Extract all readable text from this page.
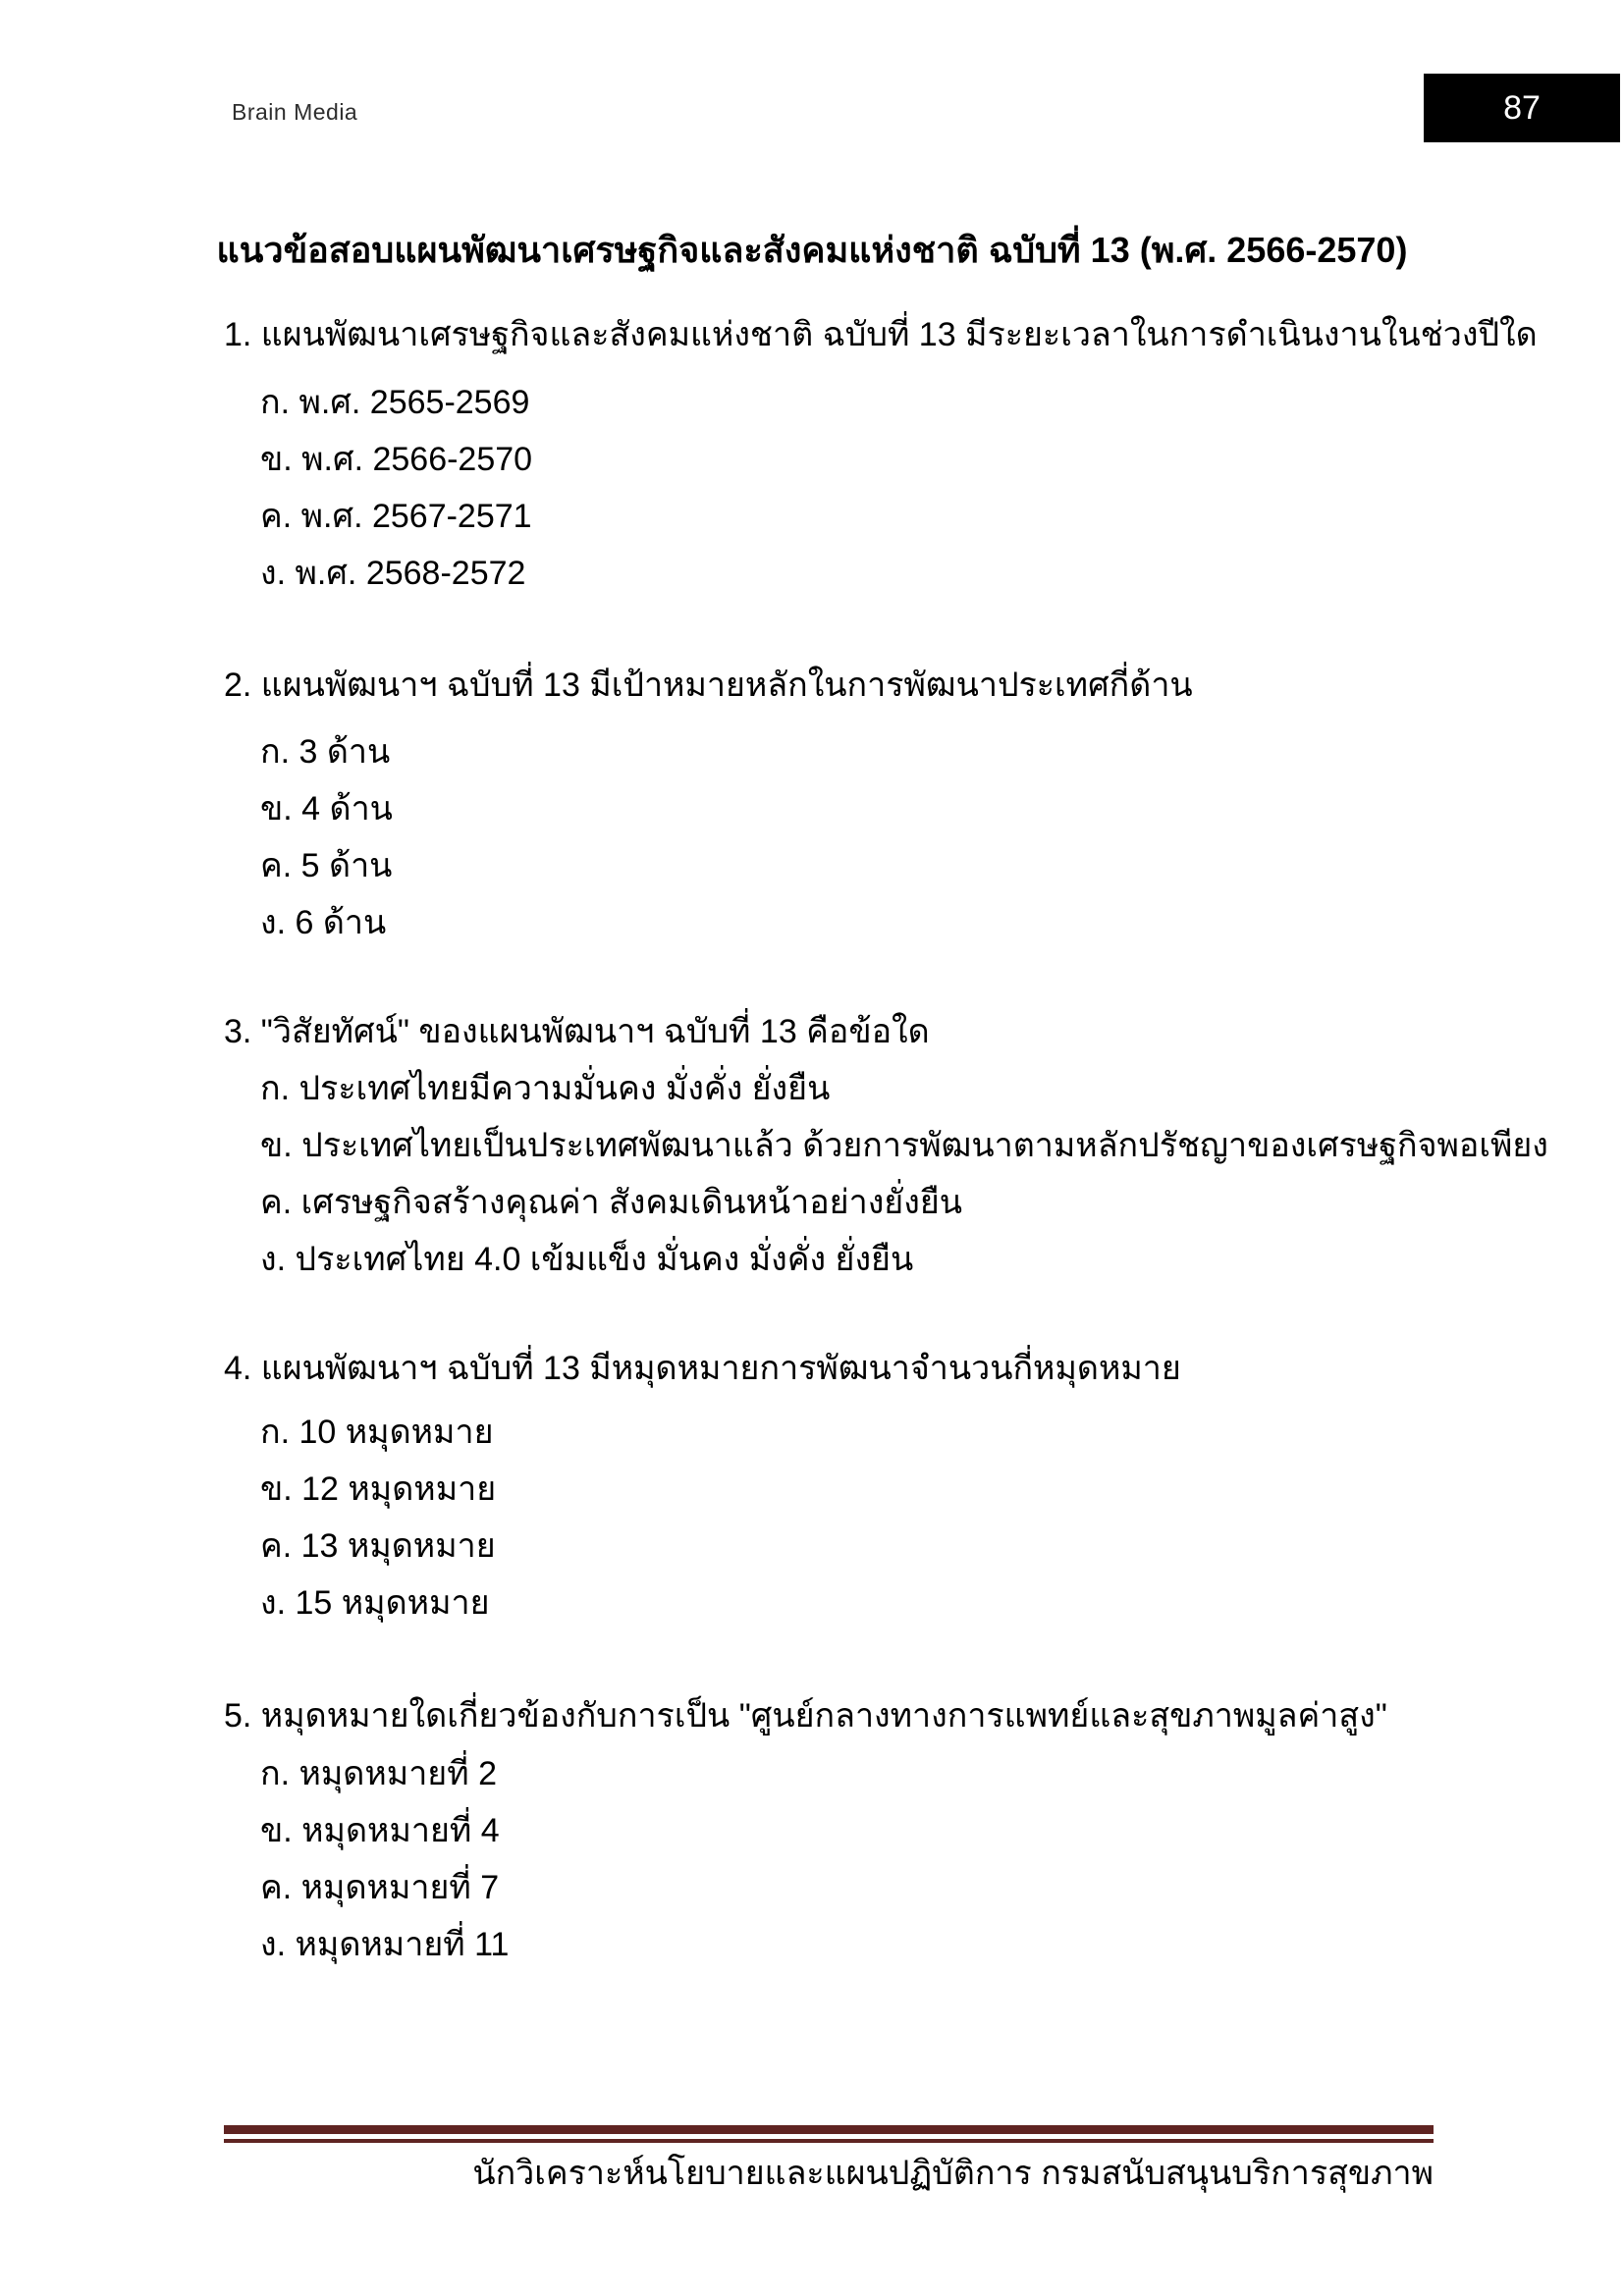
Brain Media	87
แนวข้อสอบแผนพัฒนาเศรษฐกิจและสังคมแห่งชาติ ฉบับที่ 13 (พ.ศ. 2566-2570)
1. แผนพัฒนาเศรษฐกิจและสังคมแห่งชาติ ฉบับที่ 13 มีระยะเวลาในการดำเนินงานในช่วงปีใด
ก. พ.ศ. 2565-2569
ข. พ.ศ. 2566-2570
ค. พ.ศ. 2567-2571
ง. พ.ศ. 2568-2572
2. แผนพัฒนาฯ ฉบับที่ 13 มีเป้าหมายหลักในการพัฒนาประเทศกี่ด้าน
ก. 3 ด้าน
ข. 4 ด้าน
ค. 5 ด้าน
ง. 6 ด้าน
3. "วิสัยทัศน์" ของแผนพัฒนาฯ ฉบับที่ 13 คือข้อใด
ก. ประเทศไทยมีความมั่นคง มั่งคั่ง ยั่งยืน
ข. ประเทศไทยเป็นประเทศพัฒนาแล้ว ด้วยการพัฒนาตามหลักปรัชญาของเศรษฐกิจพอเพียง
ค. เศรษฐกิจสร้างคุณค่า สังคมเดินหน้าอย่างยั่งยืน
ง. ประเทศไทย 4.0 เข้มแข็ง มั่นคง มั่งคั่ง ยั่งยืน
4. แผนพัฒนาฯ ฉบับที่ 13 มีหมุดหมายการพัฒนาจำนวนกี่หมุดหมาย
ก. 10 หมุดหมาย
ข. 12 หมุดหมาย
ค. 13 หมุดหมาย
ง. 15 หมุดหมาย
5. หมุดหมายใดเกี่ยวข้องกับการเป็น "ศูนย์กลางทางการแพทย์และสุขภาพมูลค่าสูง"
ก. หมุดหมายที่ 2
ข. หมุดหมายที่ 4
ค. หมุดหมายที่ 7
ง. หมุดหมายที่ 11
นักวิเคราะห์นโยบายและแผนปฏิบัติการ กรมสนับสนุนบริการสุขภาพ
